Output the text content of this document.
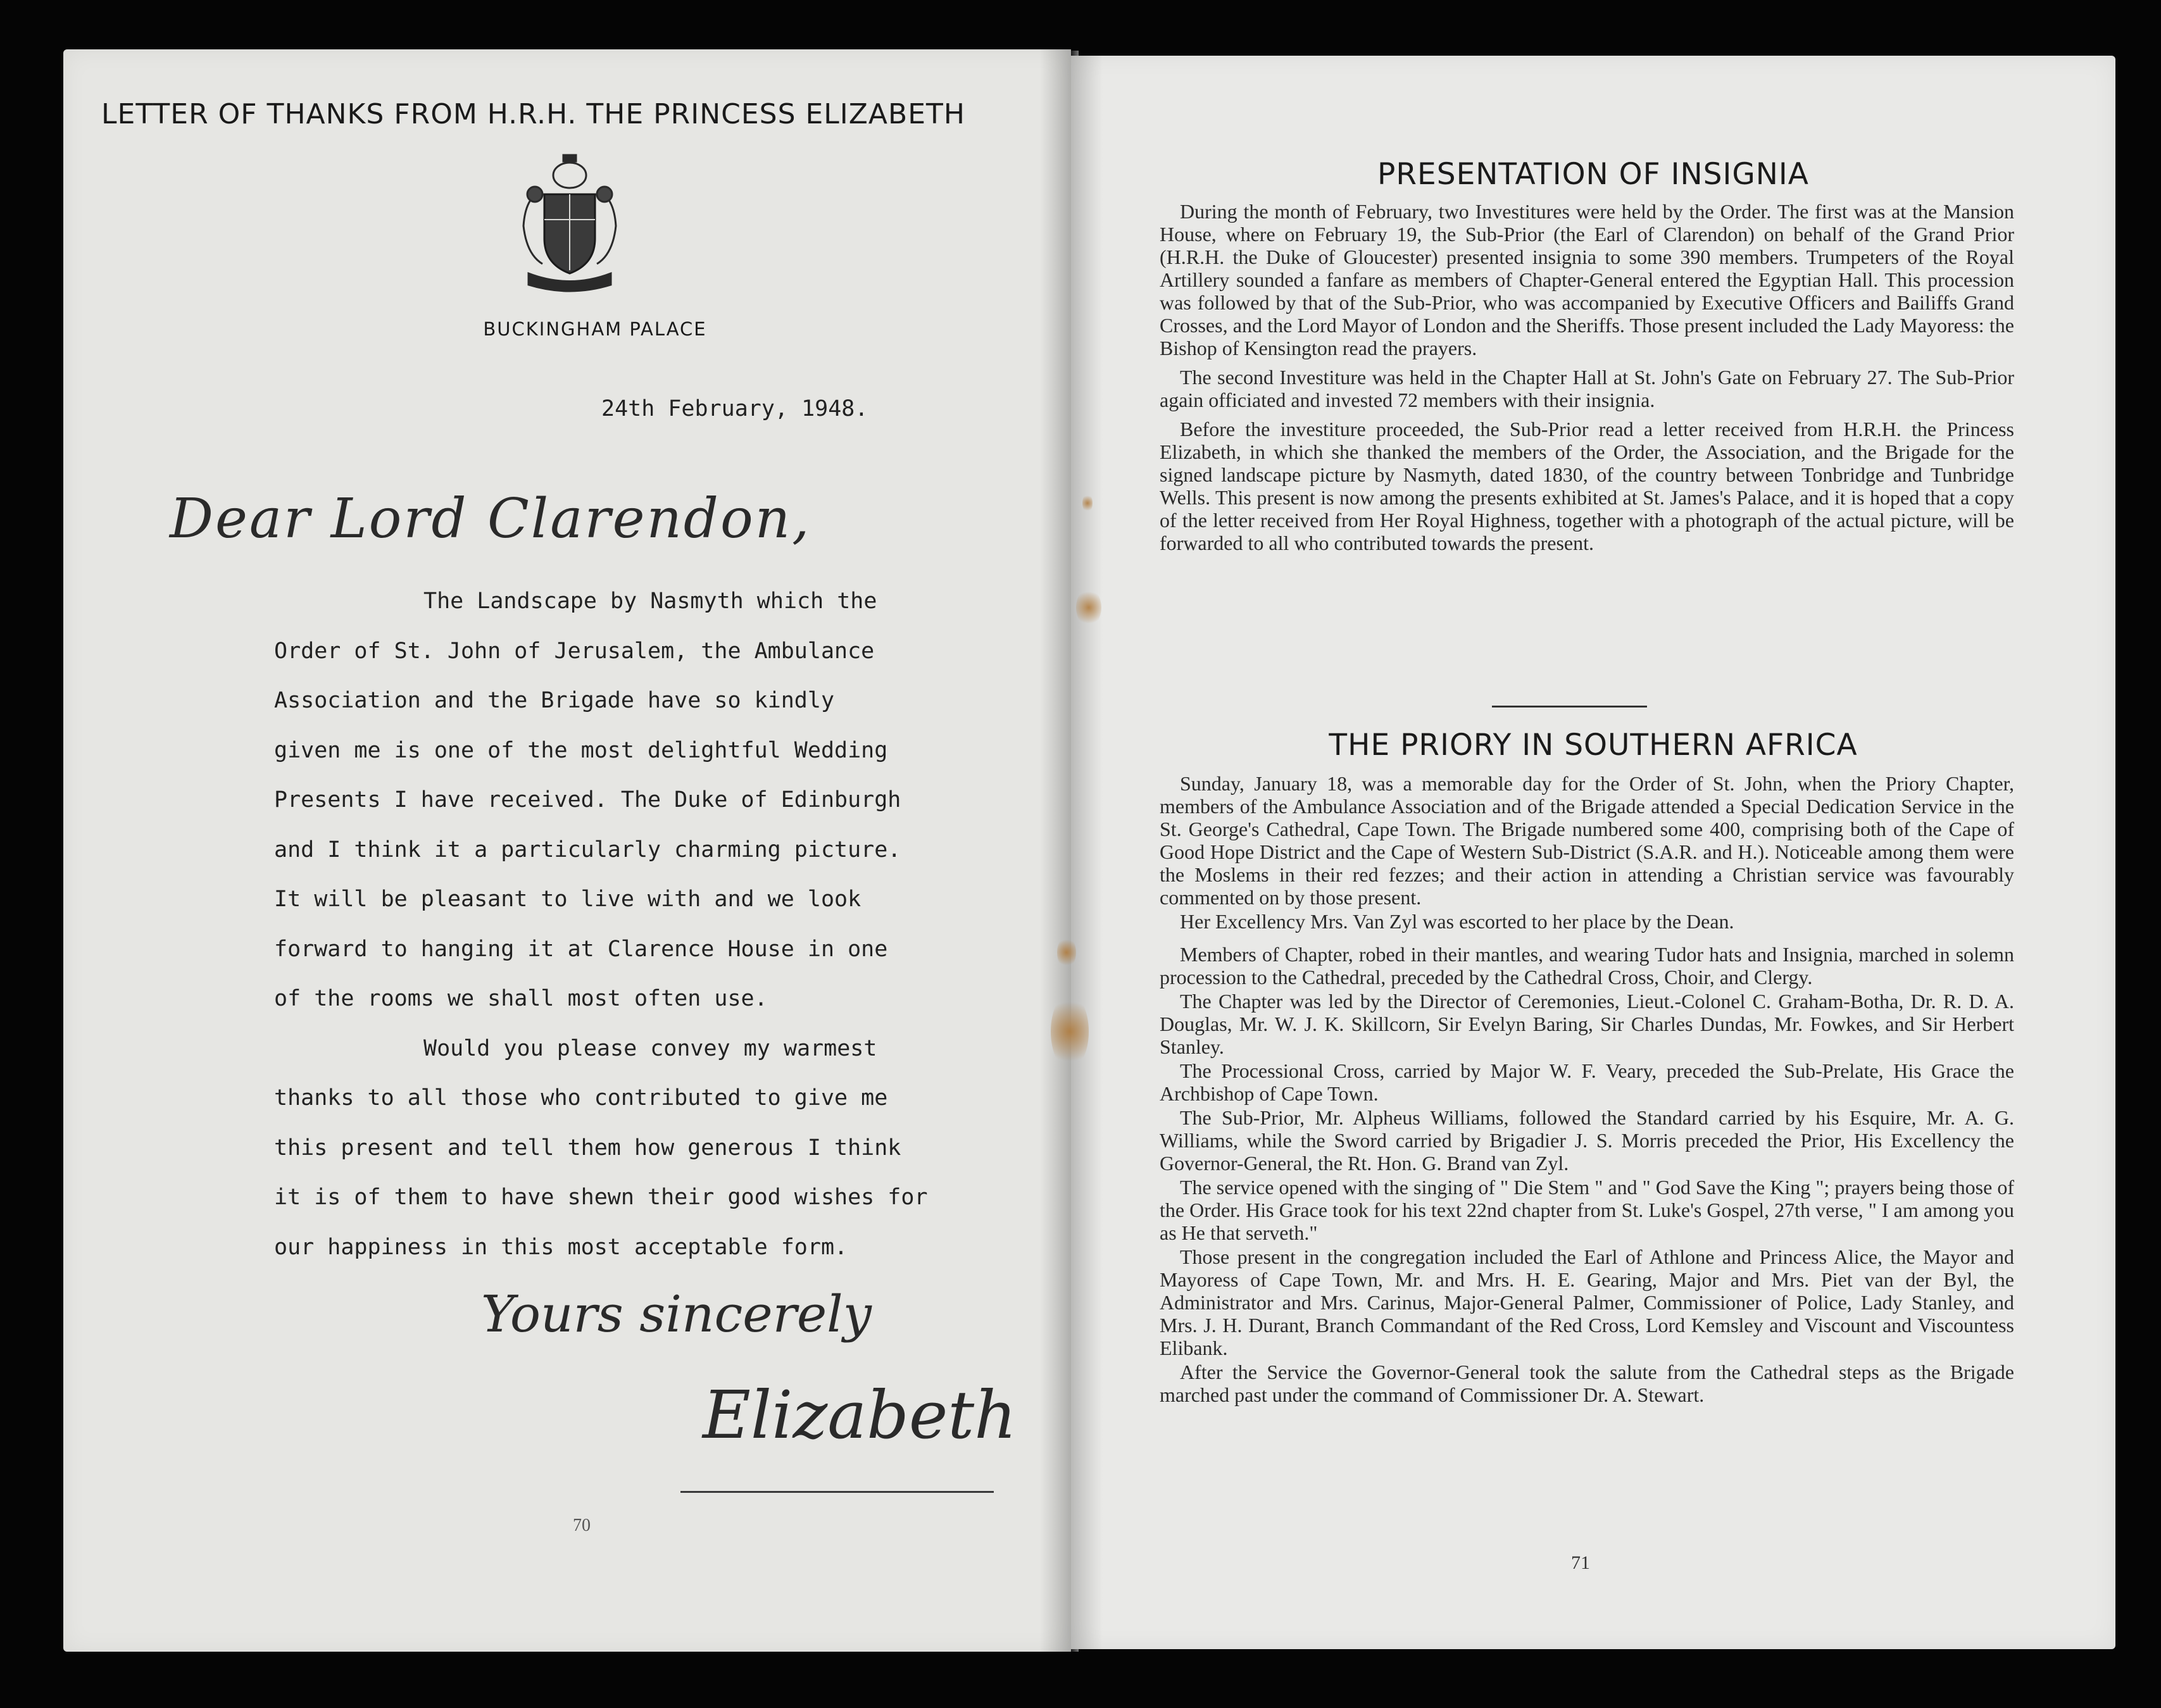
LETTER OF THANKS FROM H.R.H. THE PRINCESS ELIZABETH
BUCKINGHAM PALACE
24th February, 1948.
Dear Lord Clarendon,
The Landscape by Nasmyth which the
Order of St. John of Jerusalem, the Ambulance
Association and the Brigade have so kindly
given me is one of the most delightful Wedding
Presents I have received. The Duke of Edinburgh
and I think it a particularly charming picture.
It will be pleasant to live with and we look
forward to hanging it at Clarence House in one
of the rooms we shall most often use.
Would you please convey my warmest
thanks to all those who contributed to give me
this present and tell them how generous I think
it is of them to have shewn their good wishes for
our happiness in this most acceptable form.
Yours sincerely
Elizabeth
70
PRESENTATION OF INSIGNIA

During the month of February, two Investitures were held by the Order. The first was at the Mansion House, where on February 19, the Sub-Prior (the Earl of Clarendon) on behalf of the Grand Prior (H.R.H. the Duke of Gloucester) presented insignia to some 390 members. Trumpeters of the Royal Artillery sounded a fanfare as members of Chapter-General entered the Egyptian Hall. This procession was followed by that of the Sub-Prior, who was accompanied by Executive Officers and Bailiffs Grand Crosses, and the Lord Mayor of London and the Sheriffs. Those present included the Lady Mayoress: the Bishop of Kensington read the prayers.

The second Investiture was held in the Chapter Hall at St. John's Gate on February 27. The Sub-Prior again officiated and invested 72 members with their insignia.

Before the investiture proceeded, the Sub-Prior read a letter received from H.R.H. the Princess Elizabeth, in which she thanked the members of the Order, the Association, and the Brigade for the signed landscape picture by Nasmyth, dated 1830, of the country between Tonbridge and Tunbridge Wells. This present is now among the presents exhibited at St. James's Palace, and it is hoped that a copy of the letter received from Her Royal Highness, together with a photograph of the actual picture, will be forwarded to all who contributed towards the present.

THE PRIORY IN SOUTHERN AFRICA

Sunday, January 18, was a memorable day for the Order of St. John, when the Priory Chapter, members of the Ambulance Association and of the Brigade attended a Special Dedication Service in the St. George's Cathedral, Cape Town. The Brigade numbered some 400, comprising both of the Cape of Good Hope District and the Cape of Western Sub-District (S.A.R. and H.). Noticeable among them were the Moslems in their red fezzes; and their action in attending a Christian service was favourably commented on by those present.

Her Excellency Mrs. Van Zyl was escorted to her place by the Dean.

Members of Chapter, robed in their mantles, and wearing Tudor hats and Insignia, marched in solemn procession to the Cathedral, preceded by the Cathedral Cross, Choir, and Clergy.

The Chapter was led by the Director of Ceremonies, Lieut.-Colonel C. Graham-Botha, Dr. R. D. A. Douglas, Mr. W. J. K. Skillcorn, Sir Evelyn Baring, Sir Charles Dundas, Mr. Fowkes, and Sir Herbert Stanley.

The Processional Cross, carried by Major W. F. Veary, preceded the Sub-Prelate, His Grace the Archbishop of Cape Town.

The Sub-Prior, Mr. Alpheus Williams, followed the Standard carried by his Esquire, Mr. A. G. Williams, while the Sword carried by Brigadier J. S. Morris preceded the Prior, His Excellency the Governor-General, the Rt. Hon. G. Brand van Zyl.

The service opened with the singing of " Die Stem " and " God Save the King "; prayers being those of the Order. His Grace took for his text 22nd chapter from St. Luke's Gospel, 27th verse, " I am among you as He that serveth."

Those present in the congregation included the Earl of Athlone and Princess Alice, the Mayor and Mayoress of Cape Town, Mr. and Mrs. H. E. Gearing, Major and Mrs. Piet van der Byl, the Administrator and Mrs. Carinus, Major-General Palmer, Commissioner of Police, Lady Stanley, and Mrs. J. H. Durant, Branch Commandant of the Red Cross, Lord Kemsley and Viscount and Viscountess Elibank.

After the Service the Governor-General took the salute from the Cathedral steps as the Brigade marched past under the command of Commissioner Dr. A. Stewart.

71
